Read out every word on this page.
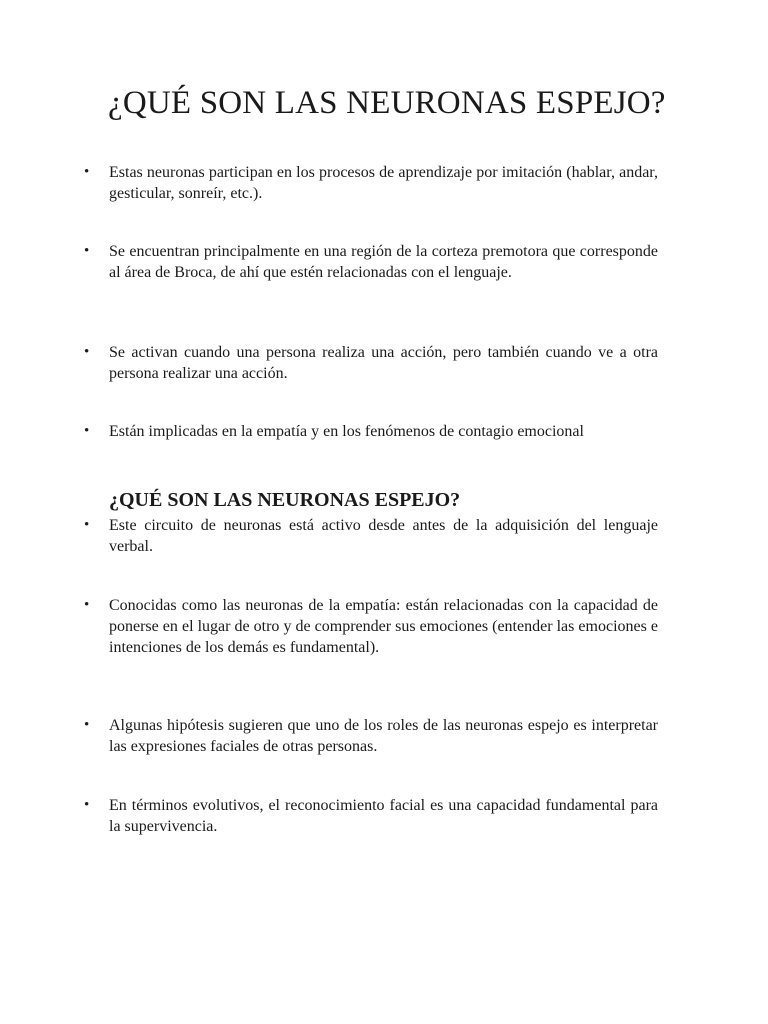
¿QUÉ SON LAS NEURONAS ESPEJO?
•	Estas neuronas participan en los procesos de aprendizaje por imitación (hablar, andar, gesticular, sonreír, etc.).
•	Se encuentran principalmente en una región de la corteza premotora que corresponde al área de Broca, de ahí que estén relacionadas con el lenguaje.
•	Se activan cuando una persona realiza una acción, pero también cuando ve a otra persona realizar una acción.
•	Están implicadas en la empatía y en los fenómenos de contagio emocional
¿QUÉ SON LAS NEURONAS ESPEJO?
•	Este circuito de neuronas está activo desde antes de la adquisición del lenguaje verbal.
•	Conocidas como las neuronas de la empatía: están relacionadas con la capacidad de ponerse en el lugar de otro y de comprender sus emociones (entender las emociones e intenciones de los demás es fundamental).
•	Algunas hipótesis sugieren que uno de los roles de las neuronas espejo es interpretar las expresiones faciales de otras personas.
•	En términos evolutivos, el reconocimiento facial es una capacidad fundamental para la supervivencia.
